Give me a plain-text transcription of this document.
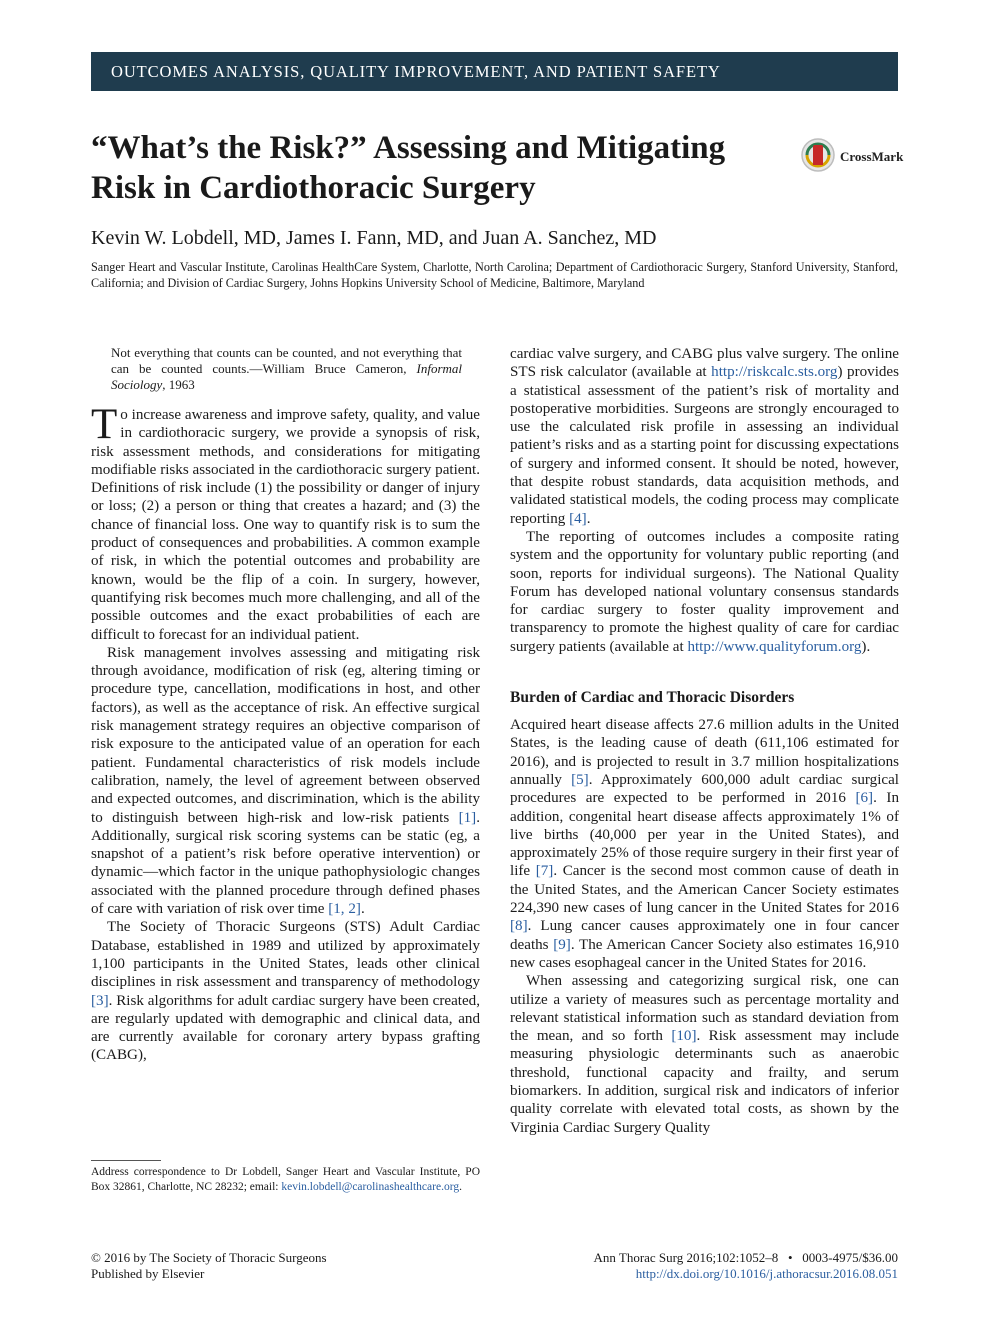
OUTCOMES ANALYSIS, QUALITY IMPROVEMENT, AND PATIENT SAFETY
“What’s the Risk?” Assessing and Mitigating Risk in Cardiothoracic Surgery
CrossMark

Kevin W. Lobdell, MD, James I. Fann, MD, and Juan A. Sanchez, MD

Sanger Heart and Vascular Institute, Carolinas HealthCare System, Charlotte, North Carolina; Department of Cardiothoracic Surgery, Stanford University, Stanford, California; and Division of Cardiac Surgery, Johns Hopkins University School of Medicine, Baltimore, Maryland

Not everything that counts can be counted, and not everything that can be counted counts.—William Bruce Cameron, Informal Sociology, 1963

To increase awareness and improve safety, quality, and value in cardiothoracic surgery, we provide a synopsis of risk, risk assessment methods, and considerations for mitigating modifiable risks associated in the cardiothoracic surgery patient. Definitions of risk include (1) the possibility or danger of injury or loss; (2) a person or thing that creates a hazard; and (3) the chance of financial loss. One way to quantify risk is to sum the product of consequences and probabilities. A common example of risk, in which the potential outcomes and probability are known, would be the flip of a coin. In surgery, however, quantifying risk becomes much more challenging, and all of the possible outcomes and the exact probabilities of each are difficult to forecast for an individual patient.

Risk management involves assessing and mitigating risk through avoidance, modification of risk (eg, altering timing or procedure type, cancellation, modifications in host, and other factors), as well as the acceptance of risk. An effective surgical risk management strategy requires an objective comparison of risk exposure to the anticipated value of an operation for each patient. Fundamental characteristics of risk models include calibration, namely, the level of agreement between observed and expected outcomes, and discrimination, which is the ability to distinguish between high-risk and low-risk patients [1]. Additionally, surgical risk scoring systems can be static (eg, a snapshot of a patient’s risk before operative intervention) or dynamic—which factor in the unique pathophysiologic changes associated with the planned procedure through defined phases of care with variation of risk over time [1, 2].

The Society of Thoracic Surgeons (STS) Adult Cardiac Database, established in 1989 and utilized by approximately 1,100 participants in the United States, leads other clinical disciplines in risk assessment and transparency of methodology [3]. Risk algorithms for adult cardiac surgery have been created, are regularly updated with demographic and clinical data, and are currently available for coronary artery bypass grafting (CABG),

cardiac valve surgery, and CABG plus valve surgery. The online STS risk calculator (available at http://riskcalc.sts.org) provides a statistical assessment of the patient’s risk of mortality and postoperative morbidities. Surgeons are strongly encouraged to use the calculated risk profile in assessing an individual patient’s risks and as a starting point for discussing expectations of surgery and informed consent. It should be noted, however, that despite robust standards, data acquisition methods, and validated statistical models, the coding process may complicate reporting [4].

The reporting of outcomes includes a composite rating system and the opportunity for voluntary public reporting (and soon, reports for individual surgeons). The National Quality Forum has developed national voluntary consensus standards for cardiac surgery to foster quality improvement and transparency to promote the highest quality of care for cardiac surgery patients (available at http://www.qualityforum.org).

Burden of Cardiac and Thoracic Disorders

Acquired heart disease affects 27.6 million adults in the United States, is the leading cause of death (611,106 estimated for 2016), and is projected to result in 3.7 million hospitalizations annually [5]. Approximately 600,000 adult cardiac surgical procedures are expected to be performed in 2016 [6]. In addition, congenital heart disease affects approximately 1% of live births (40,000 per year in the United States), and approximately 25% of those require surgery in their first year of life [7]. Cancer is the second most common cause of death in the United States, and the American Cancer Society estimates 224,390 new cases of lung cancer in the United States for 2016 [8]. Lung cancer causes approximately one in four cancer deaths [9]. The American Cancer Society also estimates 16,910 new cases esophageal cancer in the United States for 2016.

When assessing and categorizing surgical risk, one can utilize a variety of measures such as percentage mortality and relevant statistical information such as standard deviation from the mean, and so forth [10]. Risk assessment may include measuring physiologic determinants such as anaerobic threshold, functional capacity and frailty, and serum biomarkers. In addition, surgical risk and indicators of inferior quality correlate with elevated total costs, as shown by the Virginia Cardiac Surgery Quality

Address correspondence to Dr Lobdell, Sanger Heart and Vascular Institute, PO Box 32861, Charlotte, NC 28232; email: kevin.lobdell@carolinashealthcare.org.

© 2016 by The Society of Thoracic Surgeons
Published by Elsevier
Ann Thorac Surg 2016;102:1052–8 • 0003-4975/$36.00
http://dx.doi.org/10.1016/j.athoracsur.2016.08.051
